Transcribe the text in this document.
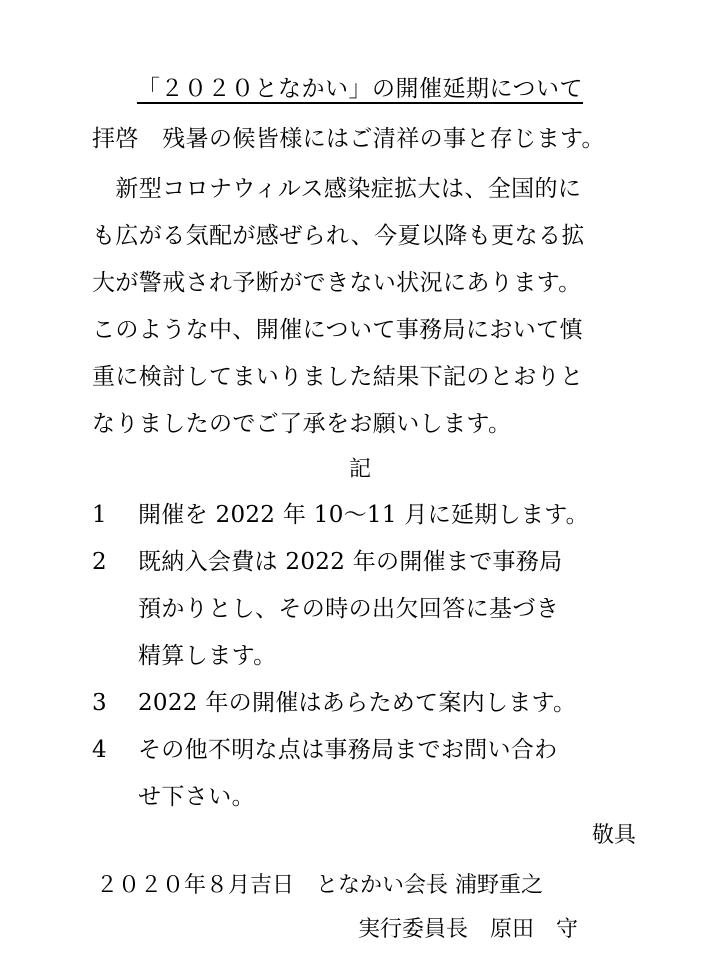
「２０２０となかい」の開催延期について
拝啓　残暑の候皆様にはご清祥の事と存じます。
　新型コロナウィルス感染症拡大は、全国的に
も広がる気配が感ぜられ、今夏以降も更なる拡
大が警戒され予断ができない状況にあります。
このような中、開催について事務局において慎
重に検討してまいりました結果下記のとおりと
なりましたのでご了承をお願いします。
記
1 開催を 2022 年 10～11 月に延期します。
2 既納入会費は 2022 年の開催まで事務局
預かりとし、その時の出欠回答に基づき
精算します。
3 2022 年の開催はあらためて案内します。
4 その他不明な点は事務局までお問い合わ
せ下さい。
敬具
２０２０年８月吉日　となかい会長 浦野重之
実行委員長　原田　守
